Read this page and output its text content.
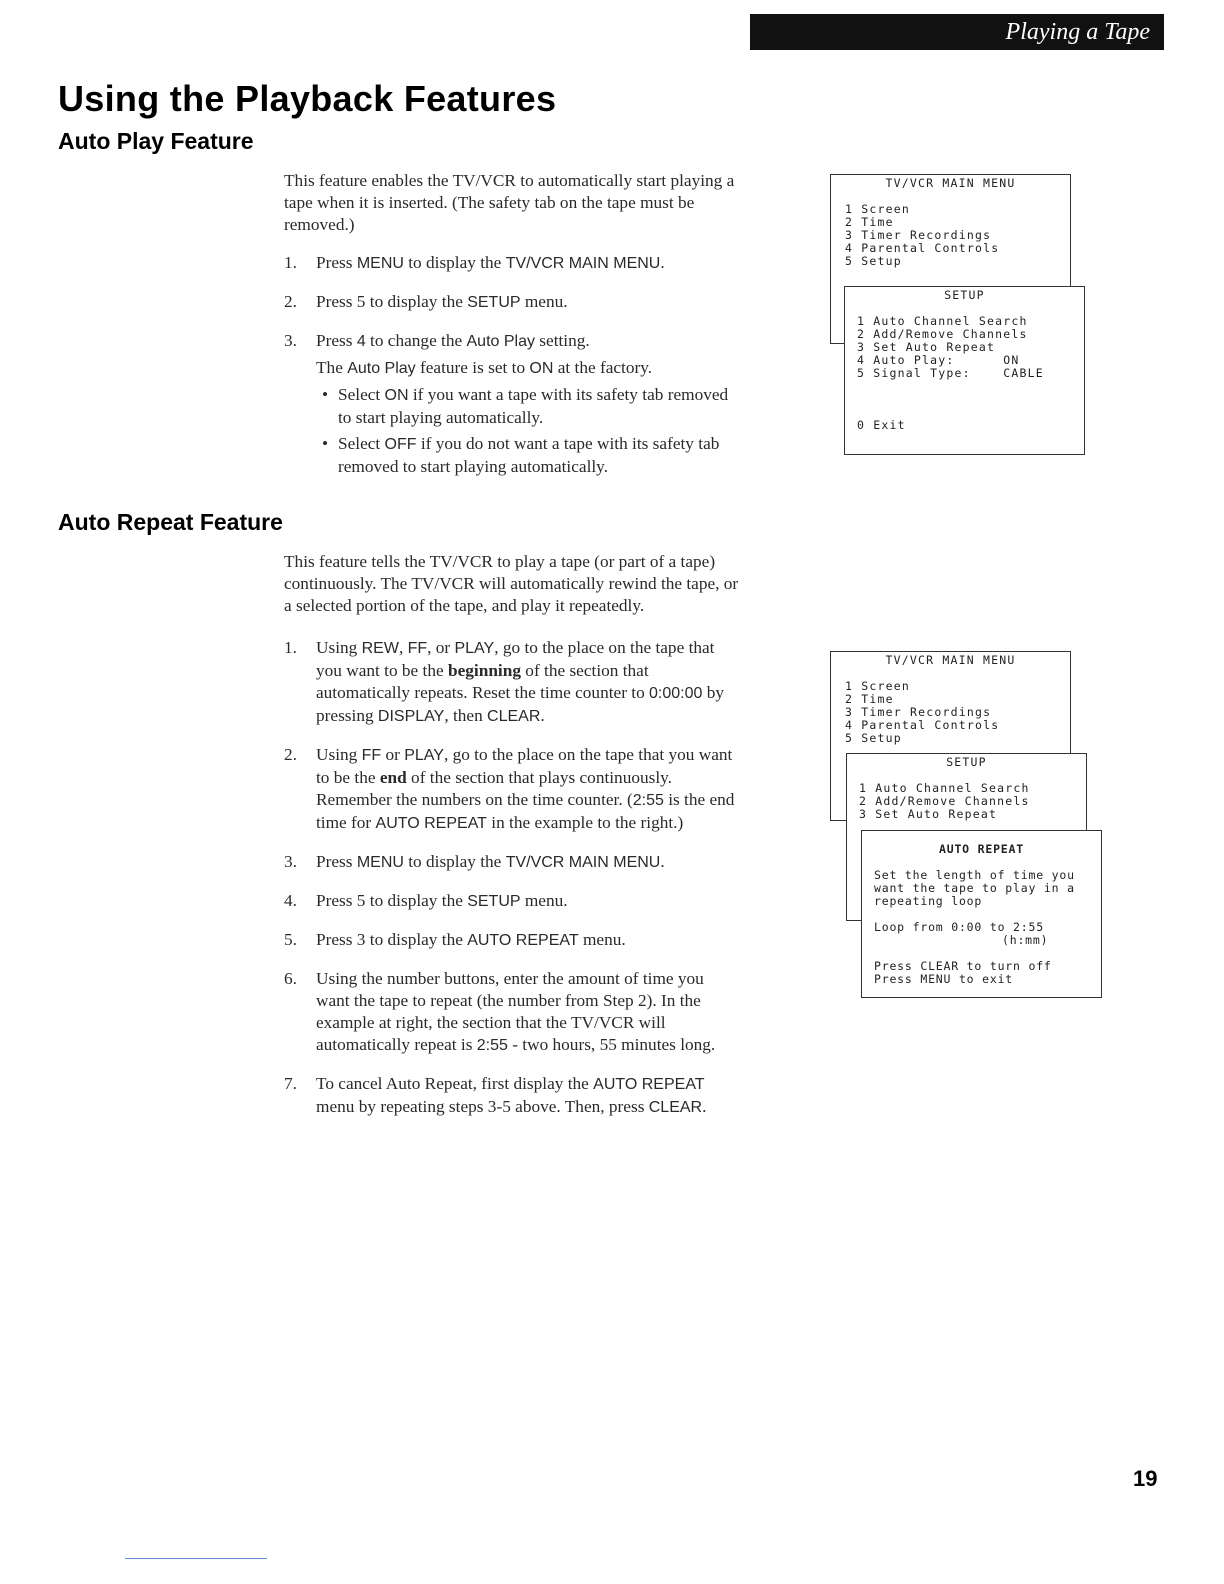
Playing a Tape
Using the Playback Features
Auto Play Feature

This feature enables the TV/VCR to automatically start playing a tape when it is inserted. (The safety tab on the tape must be removed.)

1. Press MENU to display the TV/VCR MAIN MENU.
2. Press 5 to display the SETUP menu.
3. Press 4 to change the Auto Play setting.
The Auto Play feature is set to ON at the factory.
• Select ON if you want a tape with its safety tab removed to start playing automatically.
• Select OFF if you do not want a tape with its safety tab removed to start playing automatically.
Auto Repeat Feature

This feature tells the TV/VCR to play a tape (or part of a tape) continuously. The TV/VCR will automatically rewind the tape, or a selected portion of the tape, and play it repeatedly.

1. Using REW, FF, or PLAY, go to the place on the tape that you want to be the beginning of the section that automatically repeats. Reset the time counter to 0:00:00 by pressing DISPLAY, then CLEAR.
2. Using FF or PLAY, go to the place on the tape that you want to be the end of the section that plays continuously. Remember the numbers on the time counter. (2:55 is the end time for AUTO REPEAT in the example to the right.)
3. Press MENU to display the TV/VCR MAIN MENU.
4. Press 5 to display the SETUP menu.
5. Press 3 to display the AUTO REPEAT menu.
6. Using the number buttons, enter the amount of time you want the tape to repeat (the number from Step 2). In the example at right, the section that the TV/VCR will automatically repeat is 2:55 - two hours, 55 minutes long.
7. To cancel Auto Repeat, first display the AUTO REPEAT menu by repeating steps 3-5 above. Then, press CLEAR.
TV/VCR MAIN MENU
1 Screen
2 Time
3 Timer Recordings
4 Parental Controls
5 Setup
SETUP
1 Auto Channel Search
2 Add/Remove Channels
3 Set Auto Repeat
4 Auto Play:      ON
5 Signal Type:    CABLE
0 Exit
TV/VCR MAIN MENU
1 Screen
2 Time
3 Timer Recordings
4 Parental Controls
5 Setup
SETUP
1 Auto Channel Search
2 Add/Remove Channels
3 Set Auto Repeat
AUTO REPEAT
Set the length of time you
want the tape to play in a
repeating loop
Loop from 0:00 to 2:55
(h:mm)
Press CLEAR to turn off
Press MENU to exit
19
